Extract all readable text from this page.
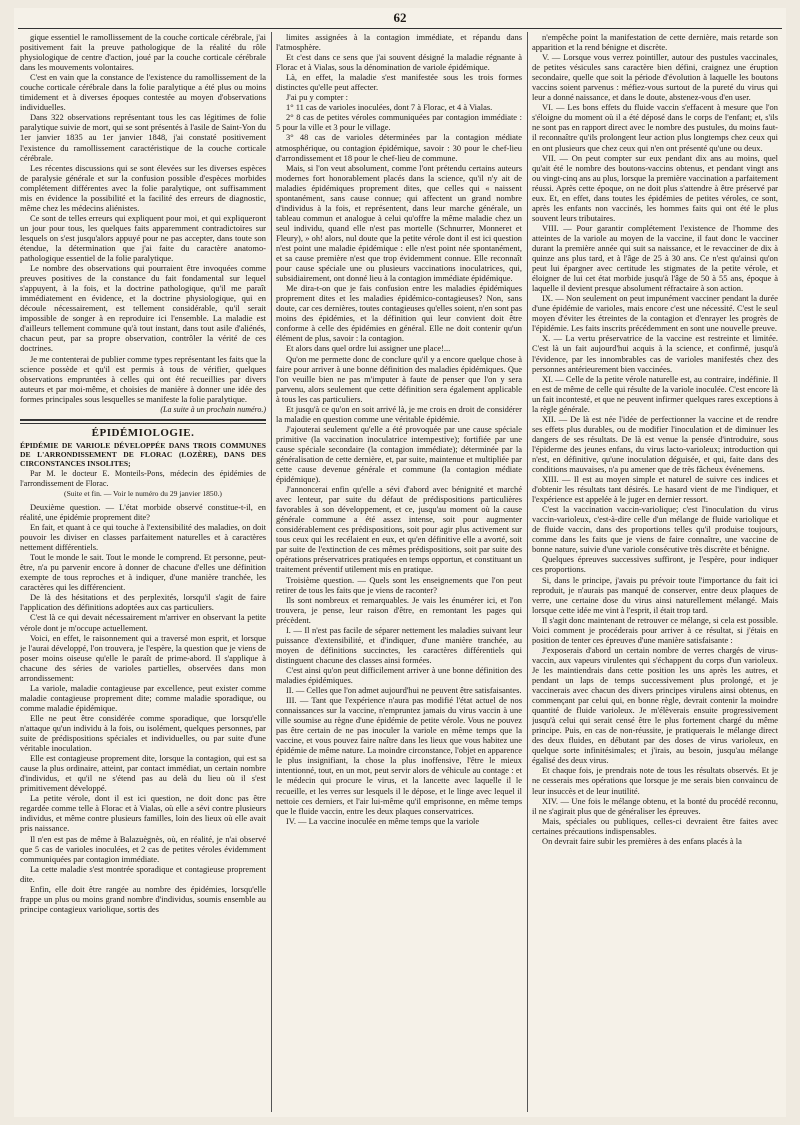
62

gique essentiel le ramollissement de la couche corticale cérébrale, j'ai positivement fait la preuve pathologique de la réalité du rôle physiologique de centre d'action, joué par la couche corticale cérébrale dans les mouvements volontaires.

C'est en vain que la constance de l'existence du ramollissement de la couche corticale cérébrale dans la folie paralytique a été plus ou moins timidement et à diverses époques contestée au moyen d'observations individuelles.

Dans 322 observations représentant tous les cas légitimes de folie paralytique suivie de mort, qui se sont présentés à l'asile de Saint-Yon du 1er janvier 1835 au 1er janvier 1848, j'ai constaté positivement l'existence du ramollissement caractéristique de la couche corticale cérébrale.

Les récentes discussions qui se sont élevées sur les diverses espèces de paralysie générale et sur la confusion possible d'espèces morbides complétement différentes avec la folie paralytique, ont suffisamment mis en évidence la possibilité et la facilité des erreurs de diagnostic, même chez les médecins aliénistes.

Ce sont de telles erreurs qui expliquent pour moi, et qui expliqueront un jour pour tous, les quelques faits apparemment contradictoires sur lesquels on s'est jusqu'alors appuyé pour ne pas accepter, dans toute son étendue, la détermination que j'ai faite du caractère anatomo-pathologique essentiel de la folie paralytique.

Le nombre des observations qui pourraient être invoquées comme preuves positives de la constance du fait fondamental sur lequel s'appuyent, à la fois, et la doctrine pathologique, qu'il me paraît immédiatement en évidence, et la doctrine physiologique, qui en découle nécessairement, est tellement considérable, qu'il serait impossible de songer à en reproduire ici l'ensemble. La maladie est d'ailleurs tellement commune qu'à tout instant, dans tout asile d'aliénés, chacun peut, par sa propre observation, contrôler la vérité de ces doctrines.

Je me contenterai de publier comme types représentant les faits que la science possède et qu'il est permis à tous de vérifier, quelques observations empruntées à celles qui ont été recueillies par divers auteurs et par moi-même, et choisies de manière à donner une idée des formes principales sous lesquelles se manifeste la folie paralytique.

(La suite à un prochain numéro.)
ÉPIDÉMIOLOGIE.
ÉPIDÉMIE DE VARIOLE DÉVELOPPÉE DANS TROIS COMMUNES DE L'ARRONDISSEMENT DE FLORAC (LOZÈRE), DANS DES CIRCONSTANCES INSOLITES;

Par M. le docteur E. Monteils-Pons, médecin des épidémies de l'arrondissement de Florac.

(Suite et fin. — Voir le numéro du 29 janvier 1850.)

Deuxième question. — L'état morbide observé constitue-t-il, en réalité, une épidémie proprement dite?

En fait, et quant à ce qui touche à l'extensibilité des maladies, on doit pouvoir les diviser en classes parfaitement naturelles et à caractères nettement différentiels.

Tout le monde le sait. Tout le monde le comprend. Et personne, peut-être, n'a pu parvenir encore à donner de chacune d'elles une définition exempte de tous reproches et à indiquer, d'une manière tranchée, les caractères qui les différencient.

De là des hésitations et des perplexités, lorsqu'il s'agit de faire l'application des définitions adoptées aux cas particuliers.

C'est là ce qui devait nécessairement m'arriver en observant la petite vérole dont je m'occupe actuellement.

Voici, en effet, le raisonnement qui a traversé mon esprit, et lorsque je l'aurai développé, l'on trouvera, je l'espère, la question que je viens de poser moins oiseuse qu'elle le paraît de prime-abord. Il s'applique à chacune des séries de varioles partielles, observées dans mon arrondissement:

La variole, maladie contagieuse par excellence, peut exister comme maladie contagieuse proprement dite; comme maladie sporadique, ou comme maladie épidémique.

Elle ne peut être considérée comme sporadique, que lorsqu'elle n'attaque qu'un individu à la fois, ou isolément, quelques personnes, par suite de prédispositions spéciales et individuelles, ou par suite d'une véritable inoculation.

Elle est contagieuse proprement dite, lorsque la contagion, qui est sa cause la plus ordinaire, atteint, par contact immédiat, un certain nombre d'individus, et qu'il ne s'étend pas au delà du lieu où il s'est primitivement développé.

La petite vérole, dont il est ici question, ne doit donc pas être regardée comme telle à Florac et à Vialas, où elle a sévi contre plusieurs individus, et même contre plusieurs familles, loin des lieux où elle avait pris naissance.

Il n'en est pas de même à Balazuègnès, où, en réalité, je n'ai observé que 5 cas de varioles inoculées, et 2 cas de petites véroles évidemment communiquées par contagion immédiate.

La cette maladie s'est montrée sporadique et contagieuse proprement dite.

Enfin, elle doit être rangée au nombre des épidémies, lorsqu'elle frappe un plus ou moins grand nombre d'individus, soumis ensemble au principe contagieux variolique, sortis des

limites assignées à la contagion immédiate, et répandu dans l'atmosphère.

Et c'est dans ce sens que j'ai souvent désigné la maladie régnante à Florac et à Vialas, sous la dénomination de variole épidémique.

Là, en effet, la maladie s'est manifestée sous les trois formes distinctes qu'elle peut affecter.

J'ai pu y compter :

1° 11 cas de varioles inoculées, dont 7 à Florac, et 4 à Vialas.

2° 8 cas de petites véroles communiquées par contagion immédiate : 5 pour la ville et 3 pour le village.

3° 48 cas de varioles déterminées par la contagion médiate atmosphérique, ou contagion épidémique, savoir : 30 pour le chef-lieu d'arrondissement et 18 pour le chef-lieu de commune.

Mais, si l'on veut absolument, comme l'ont prétendu certains auteurs modernes fort honorablement placés dans la science, qu'il n'y ait de maladies épidémiques proprement dites, que celles qui « naissent spontanément, sans cause connue; qui affectent un grand nombre d'individus à la fois, et représentent, dans leur marche générale, un tableau commun et analogue à celui qu'offre la même maladie chez un seul individu, quand elle n'est pas mortelle (Schnurrer, Monneret et Fleury), » oh! alors, nul doute que la petite vérole dont il est ici question n'est point une maladie épidémique : elle n'est point née spontanément, et sa cause première n'est que trop évidemment connue. Elle reconnaît pour cause spéciale une ou plusieurs vaccinations inoculatrices, qui, subsidiairement, ont donné lieu à la contagion immédiate épidémique.

Me dira-t-on que je fais confusion entre les maladies épidémiques proprement dites et les maladies épidémico-contagieuses? Non, sans doute, car ces dernières, toutes contagieuses qu'elles soient, n'en sont pas moins des épidémies, et la définition qui leur convient doit être conforme à celle des épidémies en général. Elle ne doit contenir qu'un élément de plus, savoir : la contagion.

Et alors dans quel ordre lui assigner une place!...

Qu'on me permette donc de conclure qu'il y a encore quelque chose à faire pour arriver à une bonne définition des maladies épidémiques. Que l'on veuille bien ne pas m'imputer à faute de penser que l'on y sera parvenu, alors seulement que cette définition sera également applicable à tous les cas particuliers.

Et jusqu'à ce qu'on en soit arrivé là, je me crois en droit de considérer la maladie en question comme une véritable épidémie.

J'ajouterai seulement qu'elle a été provoquée par une cause spéciale primitive (la vaccination inoculatrice intempestive); fortifiée par une cause spéciale secondaire (la contagion immédiate); déterminée par la généralisation de cette dernière, et, par suite, maintenue et multipliée par cette cause devenue générale et commune (la contagion médiate épidémique).

J'annoncerai enfin qu'elle a sévi d'abord avec bénignité et marché avec lenteur, par suite du défaut de prédispositions particulières favorables à son développement, et ce, jusqu'au moment où la cause générale commune a été assez intense, soit pour augmenter considérablement ces prédispositions, soit pour agir plus activement sur tous ceux qui les recélaient en eux, et qu'en définitive elle a avorté, soit par suite de l'extinction de ces mêmes prédispositions, soit par suite des opérations préservatrices pratiquées en temps opportun, et constituant un traitement préventif utilement mis en pratique.

Troisième question. — Quels sont les enseignements que l'on peut retirer de tous les faits que je viens de raconter?

Ils sont nombreux et remarquables. Je vais les énumérer ici, et l'on trouvera, je pense, leur raison d'être, en remontant les pages qui précèdent.

I. — Il n'est pas facile de séparer nettement les maladies suivant leur puissance d'extensibilité, et d'indiquer, d'une manière tranchée, au moyen de définitions succinctes, les caractères différentiels qui distinguent chacune des classes ainsi formées.

C'est ainsi qu'on peut difficilement arriver à une bonne définition des maladies épidémiques.

II. — Celles que l'on admet aujourd'hui ne peuvent être satisfaisantes.

III. — Tant que l'expérience n'aura pas modifié l'état actuel de nos connaissances sur la vaccine, n'empruntez jamais du virus vaccin à une ville soumise au règne d'une épidémie de petite vérole. Vous ne pouvez pas être certain de ne pas inoculer la variole en même temps que la vaccine, et vous pouvez faire naître dans les lieux que vous habitez une épidémie de même nature. La moindre circonstance, l'objet en apparence le plus insignifiant, la chose la plus inoffensive, l'être le mieux intentionné, tout, en un mot, peut servir alors de véhicule au contage : et le médecin qui procure le virus, et la lancette avec laquelle il le recueille, et les verres sur lesquels il le dépose, et le linge avec lequel il nettoie ces derniers, et l'air lui-même qu'il emprisonne, en même temps que le fluide vaccin, entre les deux plaques conservatrices.

IV. — La vaccine inoculée en même temps que la variole

n'empêche point la manifestation de cette dernière, mais retarde son apparition et la rend bénigne et discrète.

V. — Lorsque vous verrez pointiller, autour des pustules vaccinales, de petites vésicules sans caractère bien défini, craignez une éruption secondaire, quelle que soit la période d'évolution à laquelle les boutons vaccins soient parvenus : méfiez-vous surtout de la pureté du virus qui leur a donné naissance, et dans le doute, abstenez-vous d'en user.

VI. — Les bons effets du fluide vaccin s'effacent à mesure que l'on s'éloigne du moment où il a été déposé dans le corps de l'enfant; et, s'ils ne sont pas en rapport direct avec le nombre des pustules, du moins faut-il reconnaître qu'ils prolongent leur action plus longtemps chez ceux qui en ont plusieurs que chez ceux qui n'en ont présenté qu'une ou deux.

VII. — On peut compter sur eux pendant dix ans au moins, quel qu'ait été le nombre des boutons-vaccins obtenus, et pendant vingt ans ou vingt-cinq ans au plus, lorsque la première vaccination a parfaitement réussi. Après cette époque, on ne doit plus s'attendre à être préservé par eux. Et, en effet, dans toutes les épidémies de petites véroles, ce sont, après les enfants non vaccinés, les hommes faits qui ont été le plus souvent leurs tributaires.

VIII. — Pour garantir complétement l'existence de l'homme des atteintes de la variole au moyen de la vaccine, il faut donc le vacciner durant la première année qui suit sa naissance, et le revacciner de dix à quinze ans plus tard, et à l'âge de 25 à 30 ans. Ce n'est qu'ainsi qu'on peut lui épargner avec certitude les stigmates de la petite vérole, et éloigner de lui cet état morbide jusqu'à l'âge de 50 à 55 ans, époque à laquelle il devient presque absolument réfractaire à son action.

IX. — Non seulement on peut impunément vacciner pendant la durée d'une épidémie de varioles, mais encore c'est une nécessité. C'est le seul moyen d'éviter les étreintes de la contagion et d'enrayer les progrès de l'épidémie. Les faits inscrits précédemment en sont une nouvelle preuve.

X. — La vertu préservatrice de la vaccine est restreinte et limitée. C'est là un fait aujourd'hui acquis à la science, et confirmé, jusqu'à l'évidence, par les innombrables cas de varioles manifestés chez des personnes antérieurement bien vaccinées.

XI. — Celle de la petite vérole naturelle est, au contraire, indéfinie. Il en est de même de celle qui résulte de la variole inoculée. C'est encore là un fait incontesté, et que ne peuvent infirmer quelques rares exceptions à la règle générale.

XII. — De là est née l'idée de perfectionner la vaccine et de rendre ses effets plus durables, ou de modifier l'inoculation et de diminuer les dangers de ses résultats. De là est venue la pensée d'introduire, sous l'épiderme des jeunes enfans, du virus lacto-varioleux; introduction qui n'est, en définitive, qu'une inoculation déguisée, et qui, faite dans des conditions mauvaises, n'a pu amener que de très fâcheux événemens.

XIII. — Il est au moyen simple et naturel de suivre ces indices et d'obtenir les résultats tant désirés. Le hasard vient de me l'indiquer, et l'expérience est appelée à le juger en dernier ressort.

C'est la vaccination vaccin-variolique; c'est l'inoculation du virus vaccin-varioleux, c'est-à-dire celle d'un mélange de fluide variolique et de fluide vaccin, dans des proportions telles qu'il produise toujours, comme dans les faits que je viens de faire connaître, une vaccine de bonne nature, suivie d'une variole consécutive très discrète et bénigne.

Quelques épreuves successives suffiront, je l'espère, pour indiquer ces proportions.

Si, dans le principe, j'avais pu prévoir toute l'importance du fait ici reproduit, je n'aurais pas manqué de conserver, entre deux plaques de verre, une certaine dose du virus ainsi naturellement mélangé. Mais lorsque cette idée me vint à l'esprit, il était trop tard.

Il s'agit donc maintenant de retrouver ce mélange, si cela est possible. Voici comment je procéderais pour arriver à ce résultat, si j'étais en position de tenter ces épreuves d'une manière satisfaisante :

J'exposerais d'abord un certain nombre de verres chargés de virus-vaccin, aux vapeurs virulentes qui s'échappent du corps d'un varioleux. Je les maintiendrais dans cette position les uns après les autres, et pendant un laps de temps successivement plus prolongé, et je vaccinerais avec chacun des divers principes virulens ainsi obtenus, en commençant par celui qui, en bonne règle, devrait contenir la moindre quantité de fluide varioleux. Je m'élèverais ensuite progressivement jusqu'à celui qui serait censé être le plus fortement chargé du même principe. Puis, en cas de non-réussite, je pratiquerais le mélange direct des deux fluides, en débutant par des doses de virus varioleux, en quelque sorte infinitésimales; et j'irais, au besoin, jusqu'au mélange égalisé des deux virus.

Et chaque fois, je prendrais note de tous les résultats observés. Et je ne cesserais mes opérations que lorsque je me serais bien convaincu de leur insuccès et de leur inutilité.

XIV. — Une fois le mélange obtenu, et la bonté du procédé reconnu, il ne s'agirait plus que de généraliser les épreuves.

Mais, spéciales ou publiques, celles-ci devraient être faites avec certaines précautions indispensables.

On devrait faire subir les premières à des enfans placés à la
